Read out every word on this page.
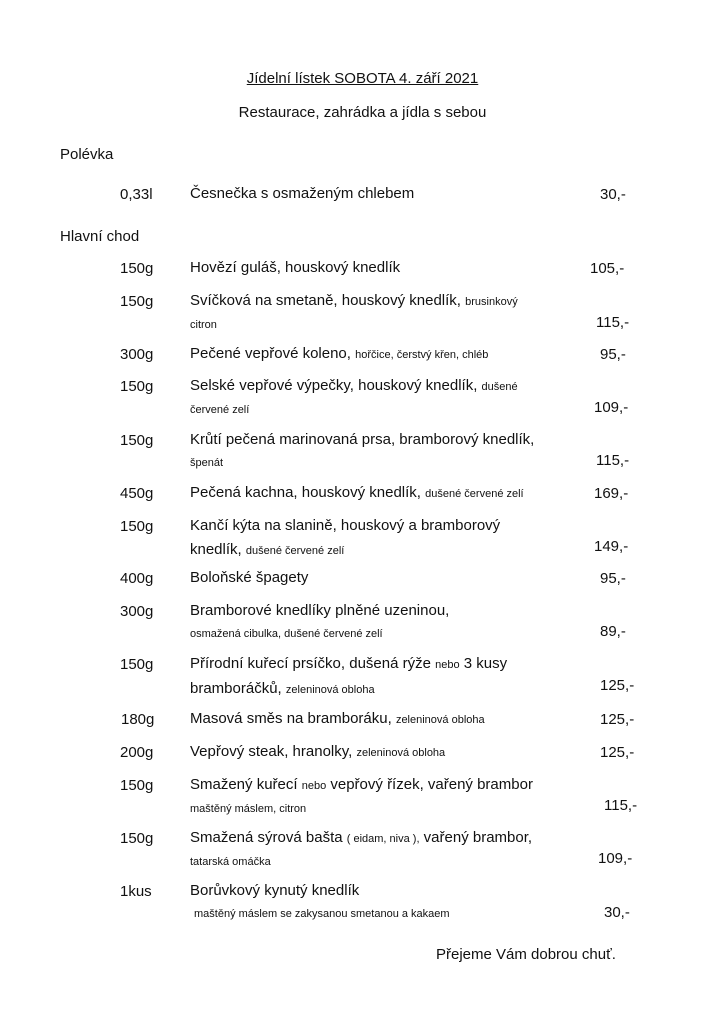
Jídelní lístek SOBOTA 4. září 2021
Restaurace, zahrádka a jídla s sebou
Polévka
0,33l Česnečka s osmaženým chlebem	30,-
Hlavní chod
150g Hovězí guláš, houskový knedlík	105,-
150g Svíčková na smetaně, houskový knedlík, brusinkový
citron	115,-
300g Pečené vepřové koleno, hořčice, čerstvý křen, chléb	95,-
150g Selské vepřové výpečky, houskový knedlík, dušené
červené zelí	109,-
150g Krůtí pečená marinovaná prsa, bramborový knedlík,
špenát	115,-
450g Pečená kachna, houskový knedlík, dušené červené zelí	169,-
150g Kančí kýta na slanině, houskový a bramborový
knedlík, dušené červené zelí	149,-
400g Boloňské špagety	95,-
300g Bramborové knedlíky plněné uzeninou,
osmažená cibulka, dušené červené zelí	89,-
150g Přírodní kuřecí prsíčko, dušená rýže nebo 3 kusy
bramboráčků, zeleninová obloha	125,-
180g Masová směs na bramboráku, zeleninová obloha	125,-
200g Vepřový steak, hranolky, zeleninová obloha	125,-
150g Smažený kuřecí nebo vepřový řízek, vařený brambor
maštěný máslem, citron	115,-
150g Smažená sýrová bašta ( eidam, niva ), vařený brambor,
tatarská omáčka	109,-
1kus	Borůvkový kynutý knedlík
maštěný máslem se zakysanou smetanou a kakaem	30,-
Přejeme Vám dobrou chuť.
